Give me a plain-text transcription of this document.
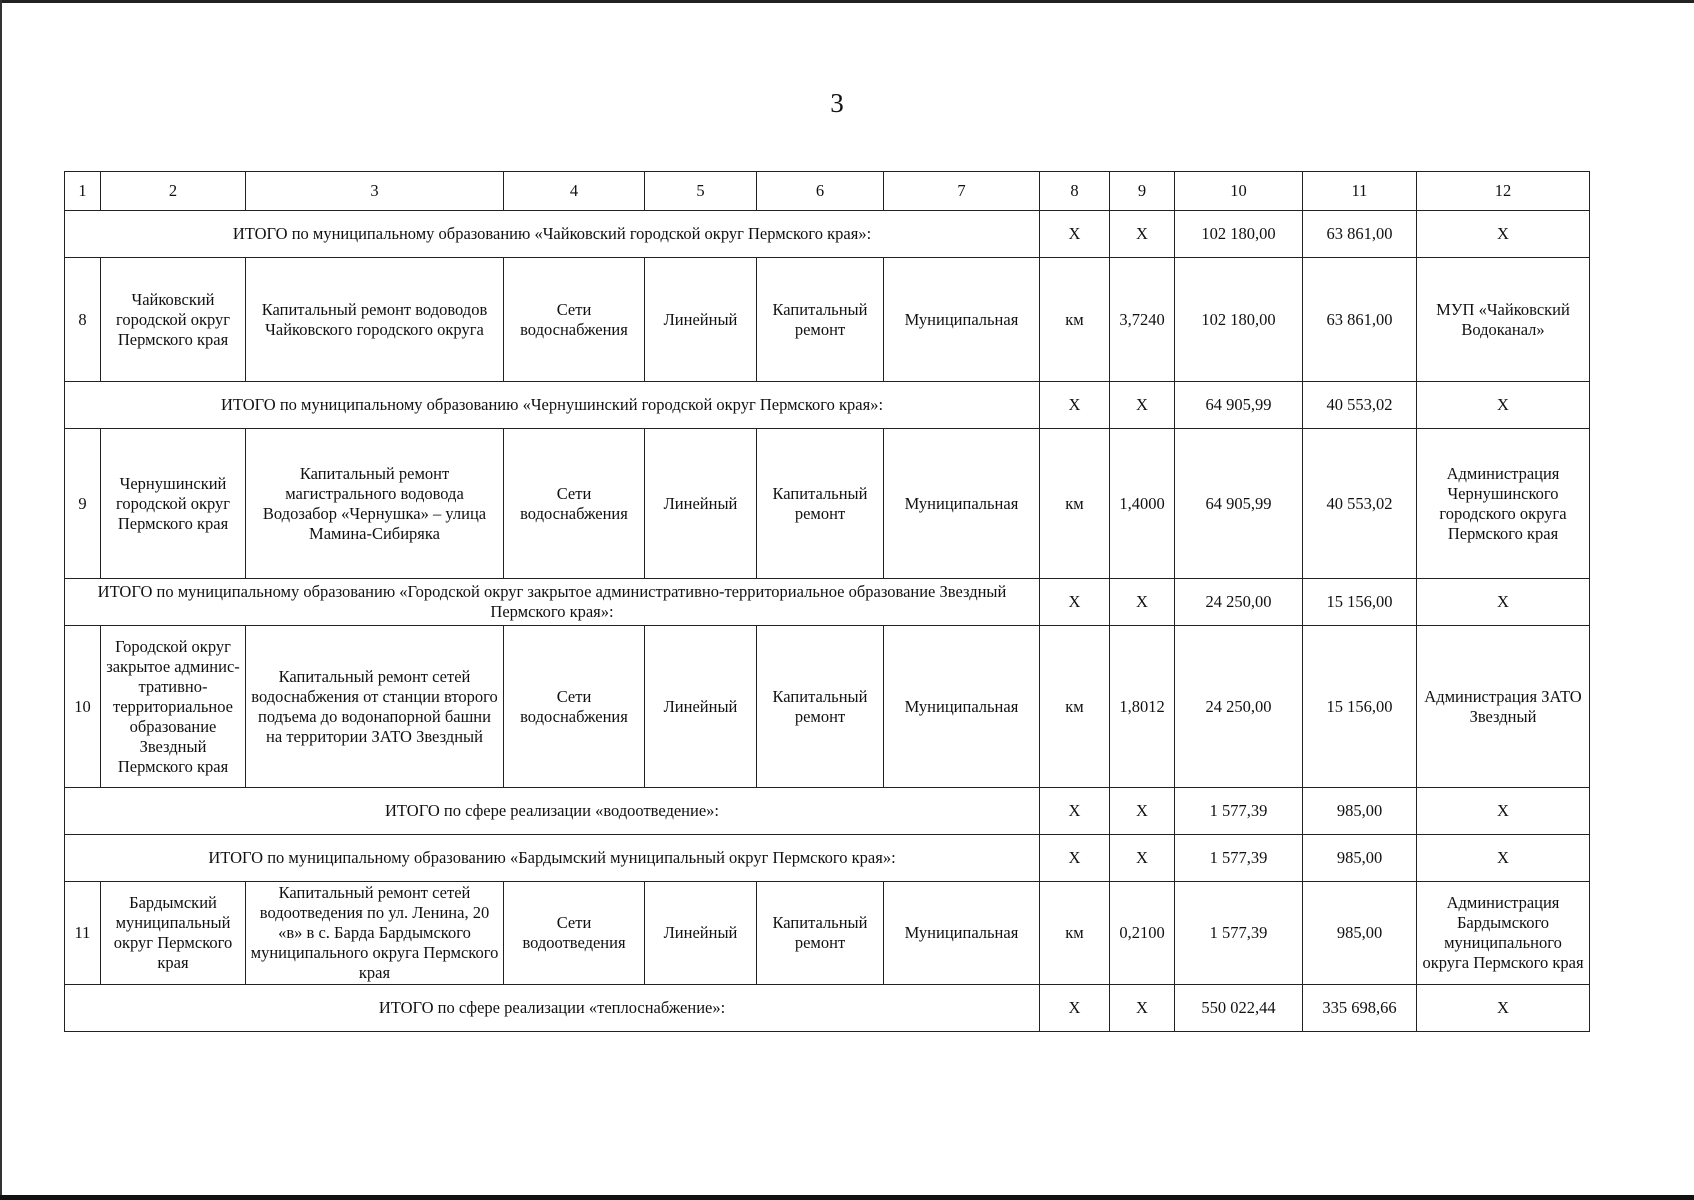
3
1	2	3	4	5	6	7	8	9	10	11	12
ИТОГО по муниципальному образованию «Чайковский городской округ Пермского края»:							Х	Х	102 180,00	63 861,00	Х
8	Чайковский городской округ Пермского края	Капитальный ремонт водоводов Чайковского городского округа	Сети водоснабжения	Линейный	Капитальный ремонт	Муниципальная	км	3,7240	102 180,00	63 861,00	МУП «Чайковский Водоканал»
ИТОГО по муниципальному образованию «Чернушинский городской округ Пермского края»:							Х	Х	64 905,99	40 553,02	Х
9	Чернушинский городской округ Пермского края	Капитальный ремонт магистрального водовода Водозабор «Чернушка» – улица Мамина-Сибиряка	Сети водоснабжения	Линейный	Капитальный ремонт	Муниципальная	км	1,4000	64 905,99	40 553,02	Администрация Чернушинского городского округа Пермского края
ИТОГО по муниципальному образованию «Городской округ закрытое административно-территориальное образование Звездный Пермского края»:							Х	Х	24 250,00	15 156,00	Х
10	Городской округ закрытое админис-тративно-территориальное образование Звездный Пермского края	Капитальный ремонт сетей водоснабжения от станции второго подъема до водонапорной башни на территории ЗАТО Звездный	Сети водоснабжения	Линейный	Капитальный ремонт	Муниципальная	км	1,8012	24 250,00	15 156,00	Администрация ЗАТО Звездный
ИТОГО по сфере реализации «водоотведение»:							Х	Х	1 577,39	985,00	Х
ИТОГО по муниципальному образованию «Бардымский муниципальный округ Пермского края»:							Х	Х	1 577,39	985,00	Х
11	Бардымский муниципальный округ Пермского края	Капитальный ремонт сетей водоотведения по ул. Ленина, 20 «в» в с. Барда Бардымского муниципального округа Пермского края	Сети водоотведения	Линейный	Капитальный ремонт	Муниципальная	км	0,2100	1 577,39	985,00	Администрация Бардымского муниципального округа Пермского края
ИТОГО по сфере реализации «теплоснабжение»:							Х	Х	550 022,44	335 698,66	Х
